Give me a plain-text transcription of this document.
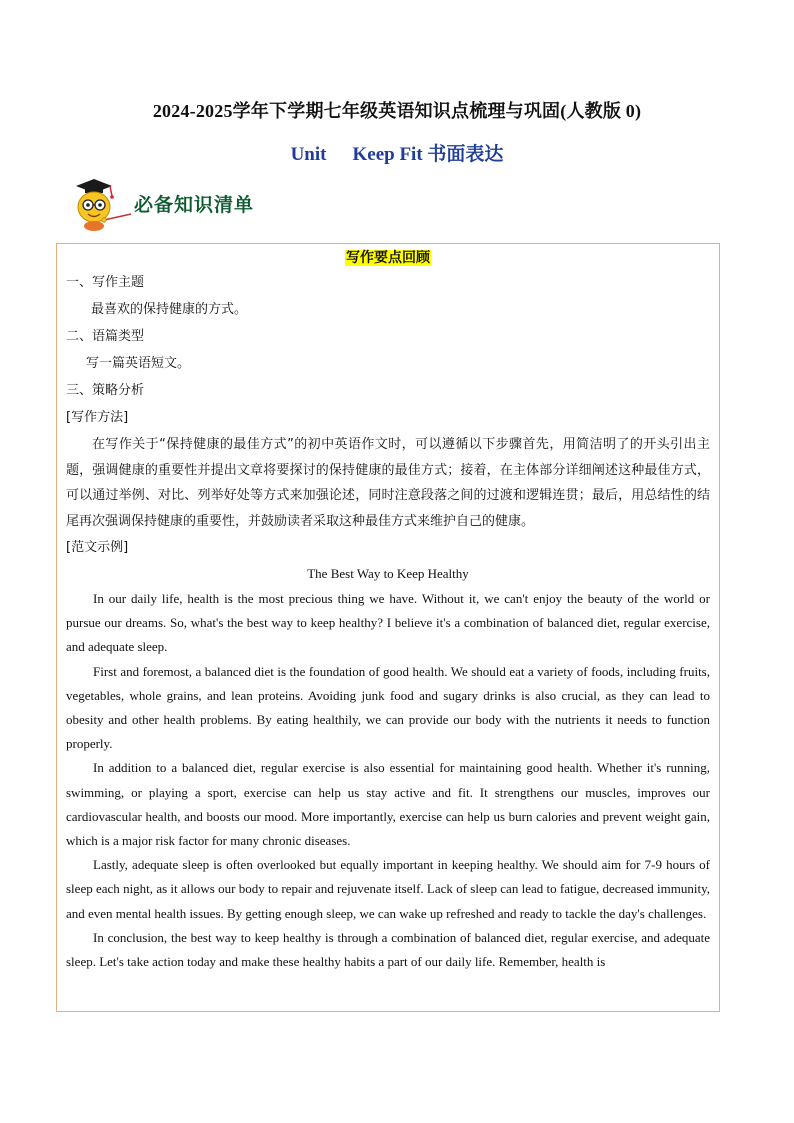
2024-2025学年下学期七年级英语知识点梳理与巩固(人教版 0)
Unit Keep Fit 书面表达
必备知识清单
写作要点回顾
一、写作主题
最喜欢的保持健康的方式。
二、语篇类型
写一篇英语短文。
三、策略分析
[写作方法]
在写作关于“保持健康的最佳方式”的初中英语作文时，可以遵循以下步骤首先，用简洁明了的开头引出主题，强调健康的重要性并提出文章将要探讨的保持健康的最佳方式；接着，在主体部分详细阐述这种最佳方式，可以通过举例、对比、列举好处等方式来加强论述，同时注意段落之间的过渡和逻辑连贯；最后，用总结性的结尾再次强调保持健康的重要性，并鼓励读者采取这种最佳方式来维护自己的健康。
[范文示例]
The Best Way to Keep Healthy

In our daily life, health is the most precious thing we have. Without it, we can't enjoy the beauty of the world or pursue our dreams. So, what's the best way to keep healthy? I believe it's a combination of balanced diet, regular exercise, and adequate sleep.

First and foremost, a balanced diet is the foundation of good health. We should eat a variety of foods, including fruits, vegetables, whole grains, and lean proteins. Avoiding junk food and sugary drinks is also crucial, as they can lead to obesity and other health problems. By eating healthily, we can provide our body with the nutrients it needs to function properly.

In addition to a balanced diet, regular exercise is also essential for maintaining good health. Whether it's running, swimming, or playing a sport, exercise can help us stay active and fit. It strengthens our muscles, improves our cardiovascular health, and boosts our mood. More importantly, exercise can help us burn calories and prevent weight gain, which is a major risk factor for many chronic diseases.

Lastly, adequate sleep is often overlooked but equally important in keeping healthy. We should aim for 7-9 hours of sleep each night, as it allows our body to repair and rejuvenate itself. Lack of sleep can lead to fatigue, decreased immunity, and even mental health issues. By getting enough sleep, we can wake up refreshed and ready to tackle the day's challenges.

In conclusion, the best way to keep healthy is through a combination of balanced diet, regular exercise, and adequate sleep. Let's take action today and make these healthy habits a part of our daily life. Remember, health is
